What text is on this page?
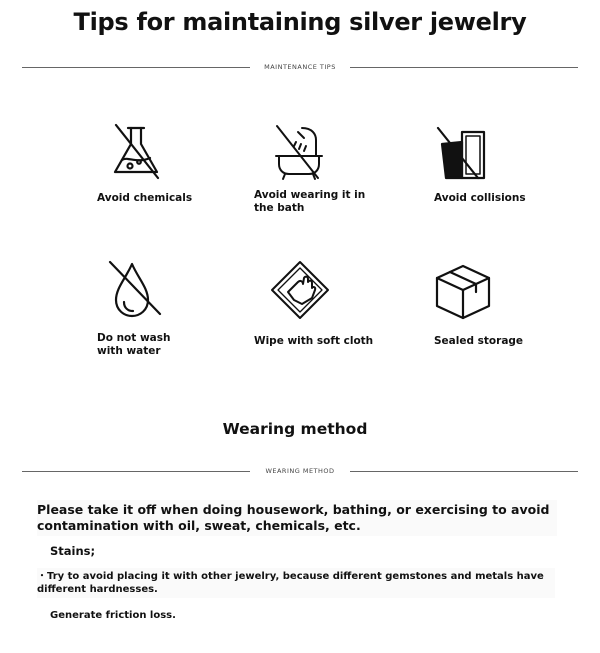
Tips for maintaining silver jewelry
MAINTENANCE TIPS
Avoid chemicals	Avoid wearing it in the bath
Avoid collisions
Do not wash with water
Wipe with soft cloth	Sealed storage
Wearing method
WEARING METHOD
Please take it off when doing housework, bathing, or exercising to avoid contamination with oil, sweat, chemicals, etc.
Stains;
・Try to avoid placing it with other jewelry, because different gemstones and metals have different hardnesses.
Generate friction loss.
